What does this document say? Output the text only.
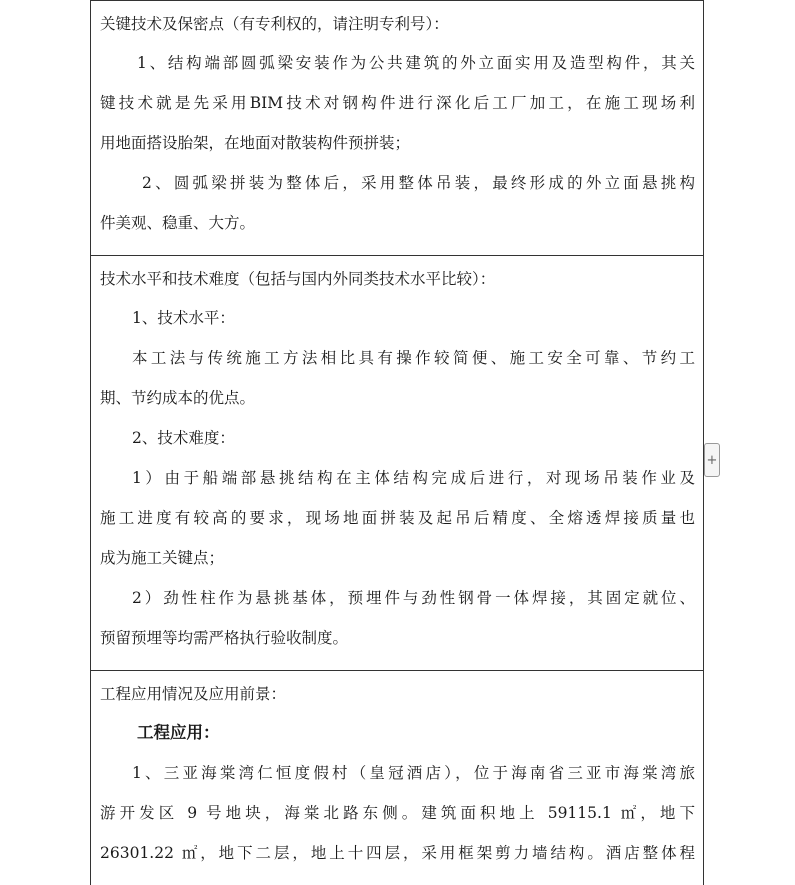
关键技术及保密点（有专利权的，请注明专利号）：

1、结构端部圆弧梁安装作为公共建筑的外立面实用及造型构件，其关

键技术就是先采用BIM技术对钢构件进行深化后工厂加工，在施工现场利

用地面搭设胎架，在地面对散装构件预拼装；

2、圆弧梁拼装为整体后，采用整体吊装，最终形成的外立面悬挑构

件美观、稳重、大方。

技术水平和技术难度（包括与国内外同类技术水平比较）：

1、技术水平：

本工法与传统施工方法相比具有操作较简便、施工安全可靠、节约工

期、节约成本的优点。

2、技术难度：

1）由于船端部悬挑结构在主体结构完成后进行，对现场吊装作业及

施工进度有较高的要求，现场地面拼装及起吊后精度、全熔透焊接质量也

成为施工关键点；

2）劲性柱作为悬挑基体，预埋件与劲性钢骨一体焊接，其固定就位、

预留预埋等均需严格执行验收制度。

工程应用情况及应用前景：

工程应用：

1、三亚海棠湾仁恒度假村（皇冠酒店），位于海南省三亚市海棠湾旅

游开发区 9 号地块，海棠北路东侧。建筑面积地上 59115.1 ㎡，地下

26301.22 ㎡，地下二层，地上十四层，采用框架剪力墙结构。酒店整体程

+
